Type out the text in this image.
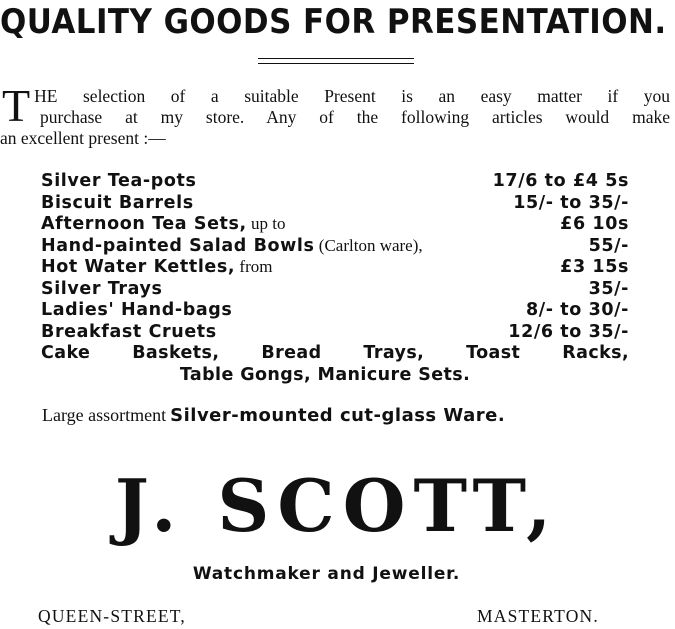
QUALITY GOODS FOR PRESENTATION.
T HE selection of a suitable Present is an easy matter if you
purchase at my store. Any of the following articles would make
an excellent present :—
Silver Tea-pots	17/6 to £4 5s
Biscuit Barrels	15/- to 35/-
Afternoon Tea Sets, up to	£6 10s
Hand-painted Salad Bowls (Carlton ware),	55/-
Hot Water Kettles, from	£3 15s
Silver Trays	35/-
Ladies' Hand-bags	8/- to 30/-
Breakfast Cruets	12/6 to 35/-
Cake Baskets, Bread Trays, Toast Racks,
Table Gongs, Manicure Sets.
Large assortment Silver-mounted cut-glass Ware.
J. SCOTT,
Watchmaker and Jeweller.
QUEEN-STREET,	MASTERTON.
